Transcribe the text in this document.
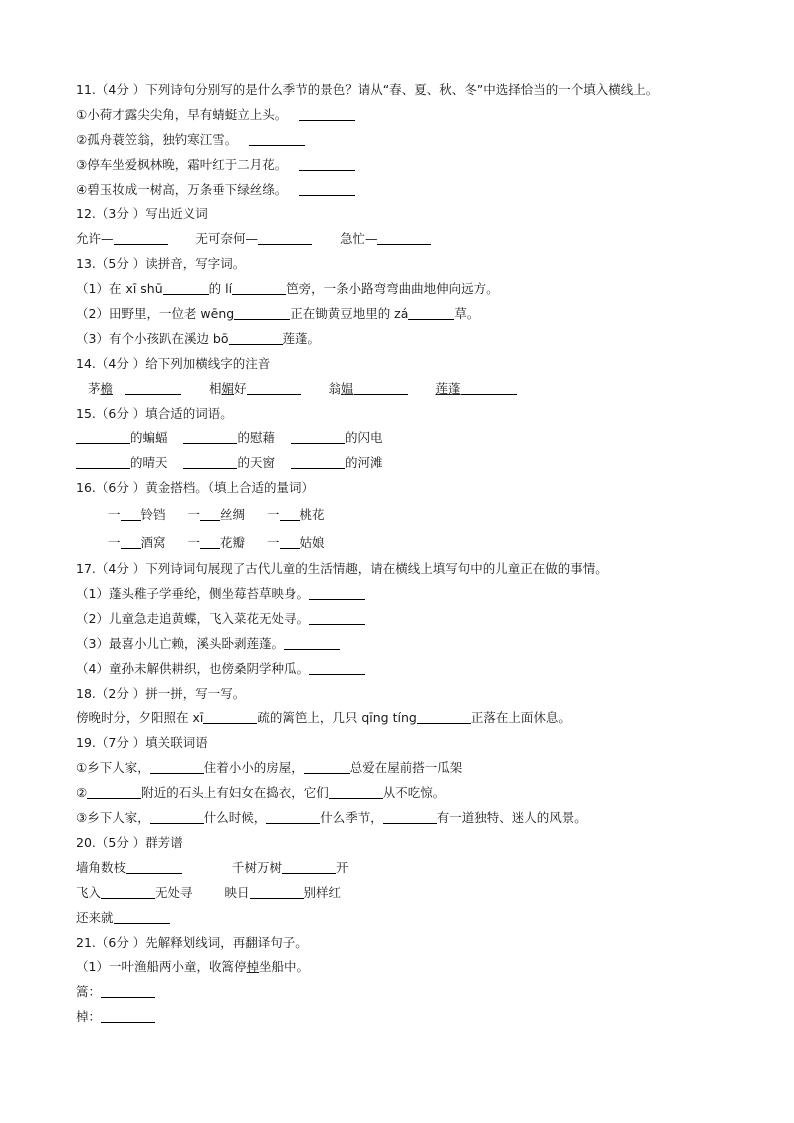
11.（4分 ）下列诗句分别写的是什么季节的景色？请从“春、夏、秋、冬”中选择恰当的一个填入横线上。
①小荷才露尖尖角，早有蜻蜓立上头。
②孤舟蓑笠翁，独钓寒江雪。
③停车坐爱枫林晚，霜叶红于二月花。
④碧玉妆成一树高，万条垂下绿丝绦。
12.（3分 ）写出近义词
允许—	无可奈何—	急忙—
13.（5分 ）读拼音，写字词。
（1）在 xī shū	的 lí	笆旁，一条小路弯弯曲曲地伸向远方。
（2）田野里，一位老 wēng	正在锄黄豆地里的 zá	草。
（3）有个小孩趴在溪边 bō	莲蓬。
14.（4分 ）给下列加横线字的注音
茅檐	相媚好	翁媪	莲蓬
15.（6分 ）填合适的词语。
的蝙蝠	的慰藉	的闪电
的晴天	的天窗	的河滩
16.（6分 ）黄金搭档。（填上合适的量词）
一 铃铛 一 丝绸 一 桃花
一 酒窝 一 花瓣 一 姑娘
17.（4分 ）下列诗词句展现了古代儿童的生活情趣，请在横线上填写句中的儿童正在做的事情。
（1）蓬头稚子学垂纶，侧坐莓苔草映身。
（2）儿童急走追黄蝶，飞入菜花无处寻。
（3）最喜小儿亡赖，溪头卧剥莲蓬。
（4）童孙未解供耕织，也傍桑阴学种瓜。
18.（2分 ）拼一拼，写一写。
傍晚时分，夕阳照在 xī	疏的篱笆上，几只 qīng tíng	正落在上面休息。
19.（7分 ）填关联词语
①乡下人家，	住着小小的房屋，	总爱在屋前搭一瓜架
②	附近的石头上有妇女在捣衣，它们	从不吃惊。
③乡下人家，	什么时候，	什么季节，	有一道独特、迷人的风景。
20.（5分 ）群芳谱
墙角数枝	千树万树	开
飞入	无处寻	映日	别样红
还来就
21.（6分 ）先解释划线词，再翻译句子。
（1）一叶渔船两小童，收篙停棹坐船中。
篙：
棹：
